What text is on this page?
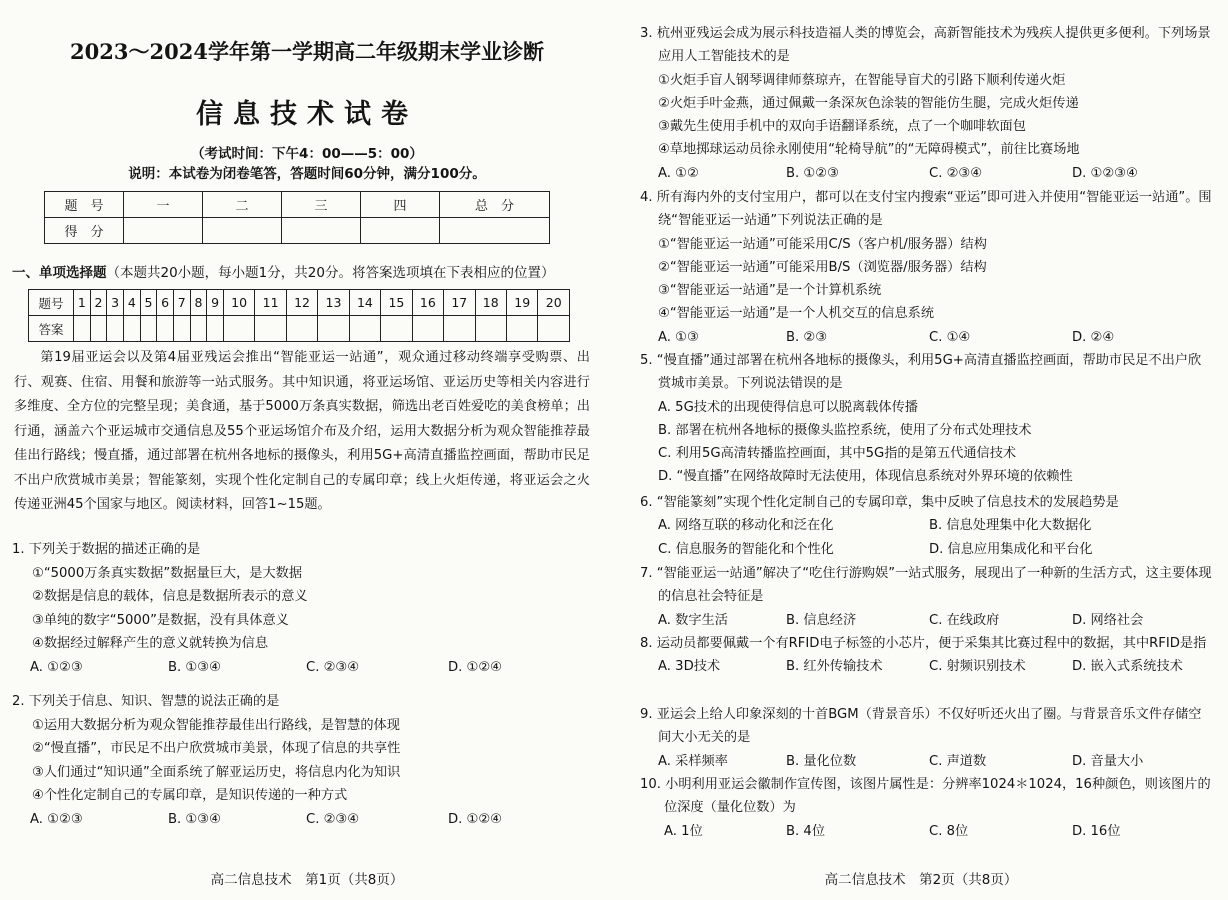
2023～2024学年第一学期高二年级期末学业诊断
信息技术试卷
（考试时间：下午4：00——5：00）
说明：本试卷为闭卷笔答，答题时间60分钟，满分100分。
题　号	一	二	三	四	总　分
得　分					
一、单项选择题（本题共20小题，每小题1分，共20分。将答案选项填在下表相应的位置）
题号	1	2	3	4	5	6	7	8	9	10	11	12	13	14	15	16	17	18	19	20
答案																				
第19届亚运会以及第4届亚残运会推出“智能亚运一站通”，观众通过移动终端享受购票、出行、观赛、住宿、用餐和旅游等一站式服务。其中知识通，将亚运场馆、亚运历史等相关内容进行多维度、全方位的完整呈现；美食通，基于5000万条真实数据，筛选出老百姓爱吃的美食榜单；出行通，涵盖六个亚运城市交通信息及55个亚运场馆介布及介绍，运用大数据分析为观众智能推荐最佳出行路线；慢直播，通过部署在杭州各地标的摄像头，利用5G+高清直播监控画面，帮助市民足不出户欣赏城市美景；智能篆刻，实现个性化定制自己的专属印章；线上火炬传递，将亚运会之火传递亚洲45个国家与地区。阅读材料，回答1~15题。
1. 下列关于数据的描述正确的是
①“5000万条真实数据”数据量巨大，是大数据
②数据是信息的载体，信息是数据所表示的意义
③单纯的数字“5000”是数据，没有具体意义
④数据经过解释产生的意义就转换为信息
A. ①②③	B. ①③④	C. ②③④	D. ①②④
2. 下列关于信息、知识、智慧的说法正确的是
①运用大数据分析为观众智能推荐最佳出行路线，是智慧的体现
②“慢直播”，市民足不出户欣赏城市美景，体现了信息的共享性
③人们通过“知识通”全面系统了解亚运历史，将信息内化为知识
④个性化定制自己的专属印章，是知识传递的一种方式
A. ①②③	B. ①③④	C. ②③④	D. ①②④
高二信息技术　第1页（共8页）
3. 杭州亚残运会成为展示科技造福人类的博览会，高新智能技术为残疾人提供更多便利。下列场景应用人工智能技术的是
①火炬手盲人钢琴调律师蔡琼卉，在智能导盲犬的引路下顺利传递火炬
②火炬手叶金燕，通过佩戴一条深灰色涂装的智能仿生腿，完成火炬传递
③戴先生使用手机中的双向手语翻译系统，点了一个咖啡软面包
④草地掷球运动员徐永刚使用“轮椅导航”的“无障碍模式”，前往比赛场地
A. ①②	B. ①②③	C. ②③④	D. ①②③④
4. 所有海内外的支付宝用户，都可以在支付宝内搜索“亚运”即可进入并使用“智能亚运一站通”。围绕“智能亚运一站通”下列说法正确的是
①“智能亚运一站通”可能采用C/S（客户机/服务器）结构
②“智能亚运一站通”可能采用B/S（浏览器/服务器）结构
③“智能亚运一站通”是一个计算机系统
④“智能亚运一站通”是一个人机交互的信息系统
A. ①③	B. ②③	C. ①④	D. ②④
5. “慢直播”通过部署在杭州各地标的摄像头，利用5G+高清直播监控画面，帮助市民足不出户欣赏城市美景。下列说法错误的是
A. 5G技术的出现使得信息可以脱离载体传播
B. 部署在杭州各地标的摄像头监控系统，使用了分布式处理技术
C. 利用5G高清转播监控画面，其中5G指的是第五代通信技术
D. “慢直播”在网络故障时无法使用，体现信息系统对外界环境的依赖性
6. “智能篆刻”实现个性化定制自己的专属印章，集中反映了信息技术的发展趋势是
A. 网络互联的移动化和泛在化	B. 信息处理集中化大数据化
C. 信息服务的智能化和个性化	D. 信息应用集成化和平台化
7. “智能亚运一站通”解决了“吃住行游购娱”一站式服务，展现出了一种新的生活方式，这主要体现的信息社会特征是
A. 数字生活	B. 信息经济	C. 在线政府	D. 网络社会
8. 运动员都要佩戴一个有RFID电子标签的小芯片，便于采集其比赛过程中的数据，其中RFID是指
A. 3D技术	B. 红外传输技术	C. 射频识别技术	D. 嵌入式系统技术
9. 亚运会上给人印象深刻的十首BGM（背景音乐）不仅好听还火出了圈。与背景音乐文件存储空间大小无关的是
A. 采样频率	B. 量化位数	C. 声道数	D. 音量大小
10. 小明利用亚运会徽制作宣传图，该图片属性是：分辨率1024＊1024，16种颜色，则该图片的位深度（量化位数）为
A. 1位	B. 4位	C. 8位	D. 16位
高二信息技术　第2页（共8页）
